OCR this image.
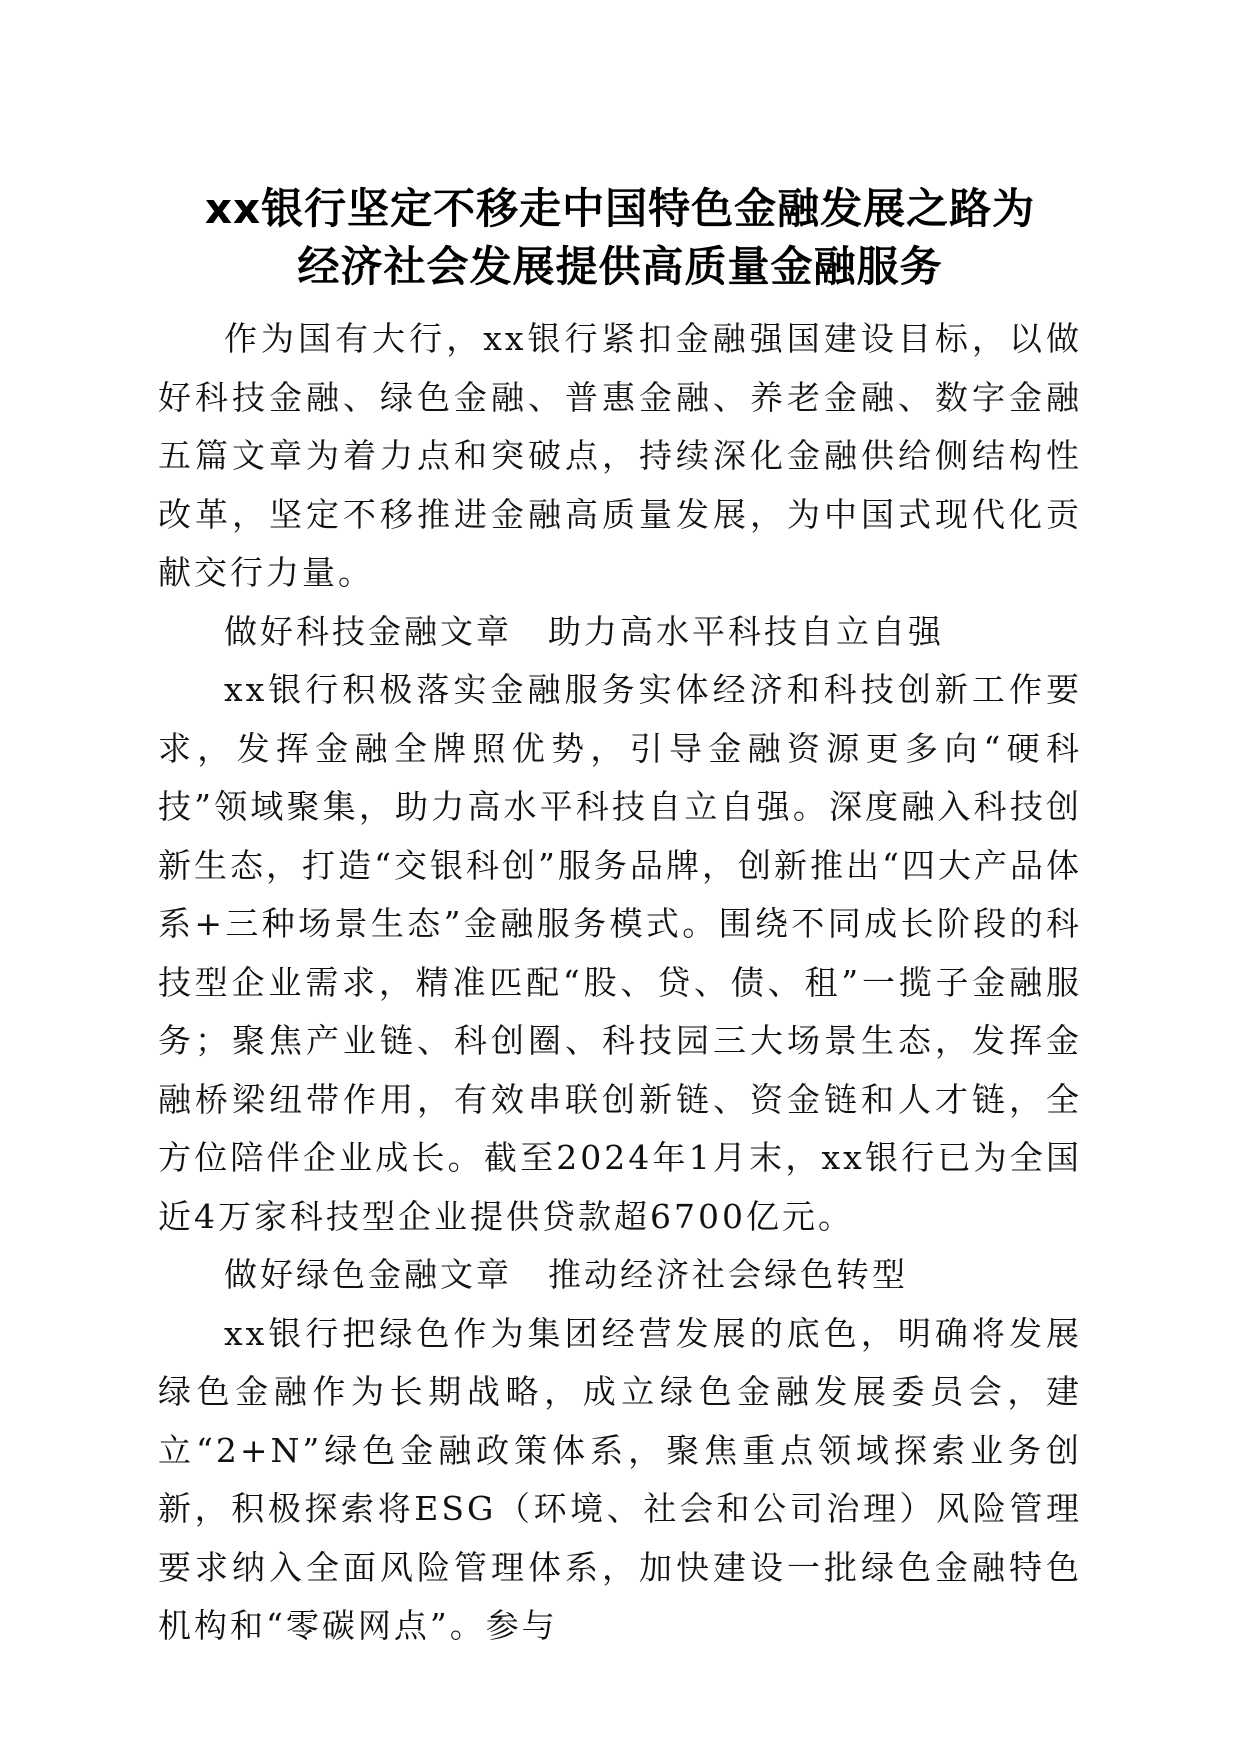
xx银行坚定不移走中国特色金融发展之路为
经济社会发展提供高质量金融服务

作为国有大行，xx银行紧扣金融强国建设目标，以做好科技金融、绿色金融、普惠金融、养老金融、数字金融五篇文章为着力点和突破点，持续深化金融供给侧结构性改革，坚定不移推进金融高质量发展，为中国式现代化贡献交行力量。

做好科技金融文章　助力高水平科技自立自强

xx银行积极落实金融服务实体经济和科技创新工作要求，发挥金融全牌照优势，引导金融资源更多向“硬科技”领域聚集，助力高水平科技自立自强。深度融入科技创新生态，打造“交银科创”服务品牌，创新推出“四大产品体系+三种场景生态”金融服务模式。围绕不同成长阶段的科技型企业需求，精准匹配“股、贷、债、租”一揽子金融服务；聚焦产业链、科创圈、科技园三大场景生态，发挥金融桥梁纽带作用，有效串联创新链、资金链和人才链，全方位陪伴企业成长。截至2024年1月末，xx银行已为全国近4万家科技型企业提供贷款超6700亿元。

做好绿色金融文章　推动经济社会绿色转型

xx银行把绿色作为集团经营发展的底色，明确将发展绿色金融作为长期战略，成立绿色金融发展委员会，建立“2+N”绿色金融政策体系，聚焦重点领域探索业务创新，积极探索将ESG（环境、社会和公司治理）风险管理要求纳入全面风险管理体系，加快建设一批绿色金融特色机构和“零碳网点”。参与
